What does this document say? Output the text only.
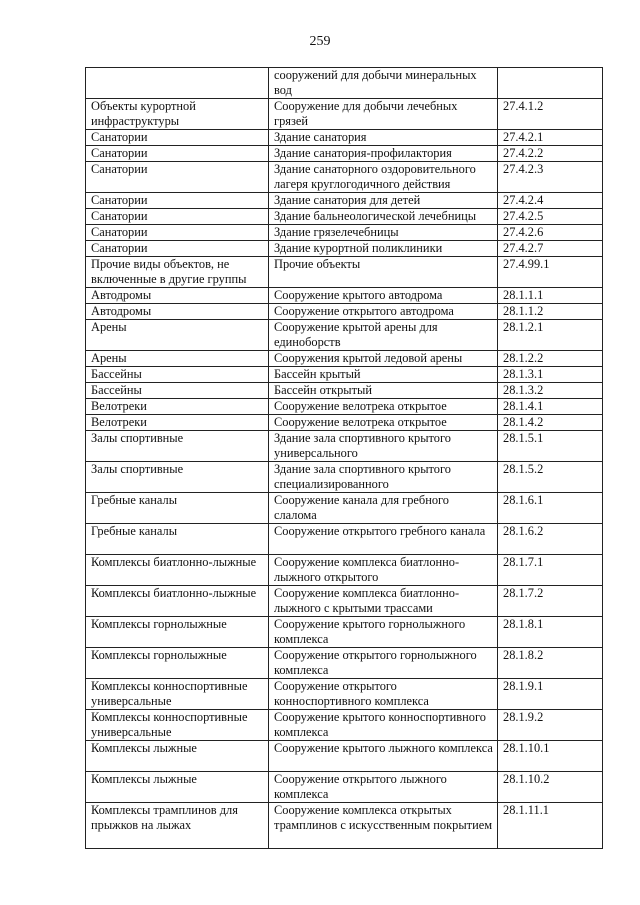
259
	сооружений для добычи минеральных вод	
Объекты курортной инфраструктуры	Сооружение для добычи лечебных грязей	27.4.1.2
Санатории	Здание санатория	27.4.2.1
Санатории	Здание санатория-профилактория	27.4.2.2
Санатории	Здание санаторного оздоровительного лагеря круглогодичного действия	27.4.2.3
Санатории	Здание санатория для детей	27.4.2.4
Санатории	Здание бальнеологической лечебницы	27.4.2.5
Санатории	Здание грязелечебницы	27.4.2.6
Санатории	Здание курортной поликлиники	27.4.2.7
Прочие виды объектов, не включенные в другие группы	Прочие объекты	27.4.99.1
Автодромы	Сооружение крытого автодрома	28.1.1.1
Автодромы	Сооружение открытого автодрома	28.1.1.2
Арены	Сооружение крытой арены для единоборств	28.1.2.1
Арены	Сооружения крытой ледовой арены	28.1.2.2
Бассейны	Бассейн крытый	28.1.3.1
Бассейны	Бассейн открытый	28.1.3.2
Велотреки	Сооружение велотрека открытое	28.1.4.1
Велотреки	Сооружение велотрека открытое	28.1.4.2
Залы спортивные	Здание зала спортивного крытого универсального	28.1.5.1
Залы спортивные	Здание зала спортивного крытого специализированного	28.1.5.2
Гребные каналы	Сооружение канала для гребного слалома	28.1.6.1
Гребные каналы	Сооружение открытого гребного канала	28.1.6.2
Комплексы биатлонно-лыжные	Сооружение комплекса биатлонно-лыжного открытого	28.1.7.1
Комплексы биатлонно-лыжные	Сооружение комплекса биатлонно-лыжного с крытыми трассами	28.1.7.2
Комплексы горнолыжные	Сооружение крытого горнолыжного комплекса	28.1.8.1
Комплексы горнолыжные	Сооружение открытого горнолыжного комплекса	28.1.8.2
Комплексы конноспортивные универсальные	Сооружение открытого конноспортивного комплекса	28.1.9.1
Комплексы конноспортивные универсальные	Сооружение крытого конноспортивного комплекса	28.1.9.2
Комплексы лыжные	Сооружение крытого лыжного комплекса	28.1.10.1
Комплексы лыжные	Сооружение открытого лыжного комплекса	28.1.10.2
Комплексы трамплинов для прыжков на лыжах	Сооружение комплекса открытых трамплинов с искусственным покрытием	28.1.11.1
